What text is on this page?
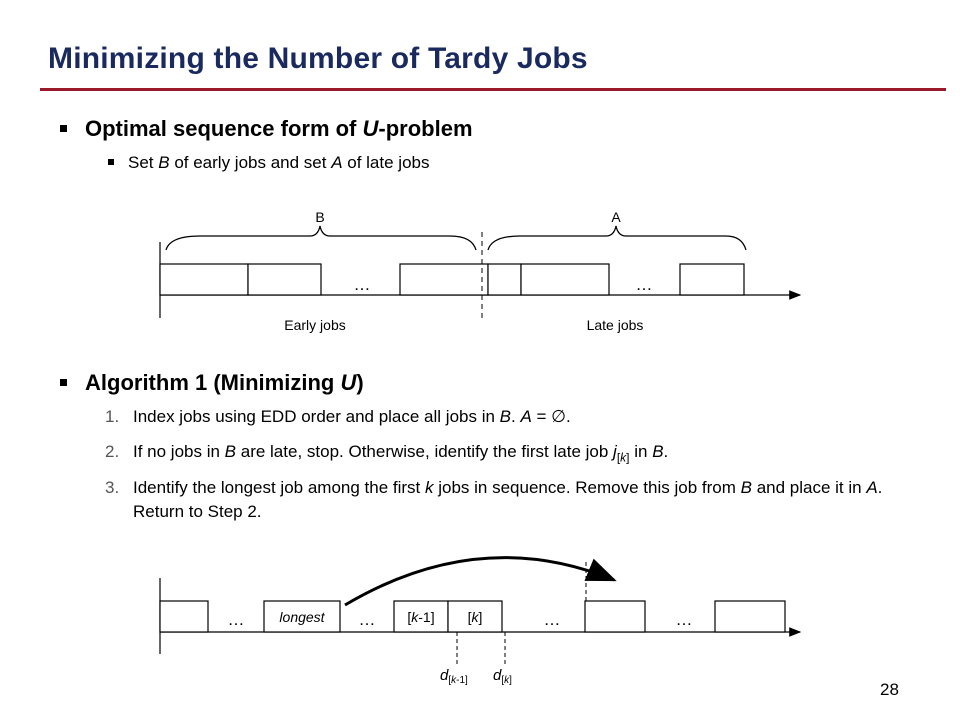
Minimizing the Number of Tardy Jobs
Optimal sequence form of U-problem
Set B of early jobs and set A of late jobs
Algorithm 1 (Minimizing U)
1. Index jobs using EDD order and place all jobs in B. A = ∅.
2. If no jobs in B are late, stop. Otherwise, identify the first late job $j_{[k]}$ in B.
3. Identify the longest job among the first k jobs in sequence. Remove this job from B and place it in A. Return to Step 2.
B	A
…	…
Early jobs	Late jobs
… longest … [k-1] [k]	…	…
$d_[k-1$] $d_[k$]	28
